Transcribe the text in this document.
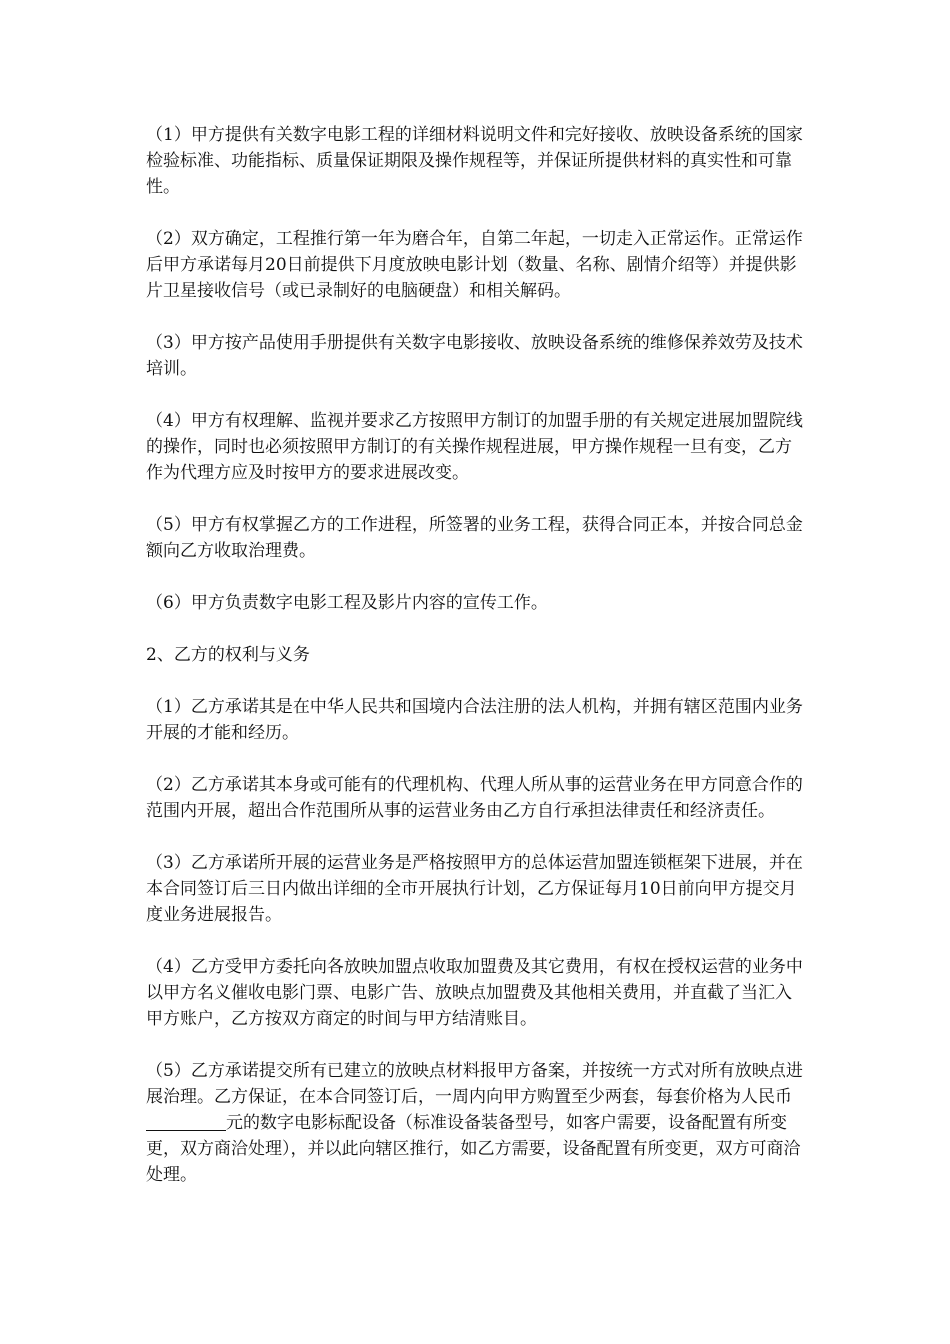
（1）甲方提供有关数字电影工程的详细材料说明文件和完好接收、放映设备系统的国家检验标准、功能指标、质量保证期限及操作规程等，并保证所提供材料的真实性和可靠性。

（2）双方确定，工程推行第一年为磨合年，自第二年起，一切走入正常运作。正常运作后甲方承诺每月20日前提供下月度放映电影计划（数量、名称、剧情介绍等）并提供影片卫星接收信号（或已录制好的电脑硬盘）和相关解码。

（3）甲方按产品使用手册提供有关数字电影接收、放映设备系统的维修保养效劳及技术培训。

（4）甲方有权理解、监视并要求乙方按照甲方制订的加盟手册的有关规定进展加盟院线的操作，同时也必须按照甲方制订的有关操作规程进展，甲方操作规程一旦有变，乙方作为代理方应及时按甲方的要求进展改变。

（5）甲方有权掌握乙方的工作进程，所签署的业务工程，获得合同正本，并按合同总金额向乙方收取治理费。

（6）甲方负责数字电影工程及影片内容的宣传工作。

2、乙方的权利与义务

（1）乙方承诺其是在中华人民共和国境内合法注册的法人机构，并拥有辖区范围内业务开展的才能和经历。

（2）乙方承诺其本身或可能有的代理机构、代理人所从事的运营业务在甲方同意合作的范围内开展，超出合作范围所从事的运营业务由乙方自行承担法律责任和经济责任。

（3）乙方承诺所开展的运营业务是严格按照甲方的总体运营加盟连锁框架下进展，并在本合同签订后三日内做出详细的全市开展执行计划，乙方保证每月10日前向甲方提交月度业务进展报告。

（4）乙方受甲方委托向各放映加盟点收取加盟费及其它费用，有权在授权运营的业务中以甲方名义催收电影门票、电影广告、放映点加盟费及其他相关费用，并直截了当汇入甲方账户，乙方按双方商定的时间与甲方结清账目。

（5）乙方承诺提交所有已建立的放映点材料报甲方备案，并按统一方式对所有放映点进展治理。乙方保证，在本合同签订后，一周内向甲方购置至少两套，每套价格为人民币元的数字电影标配设备（标准设备装备型号，如客户需要，设备配置有所变更，双方商洽处理），并以此向辖区推行，如乙方需要，设备配置有所变更，双方可商洽处理。
